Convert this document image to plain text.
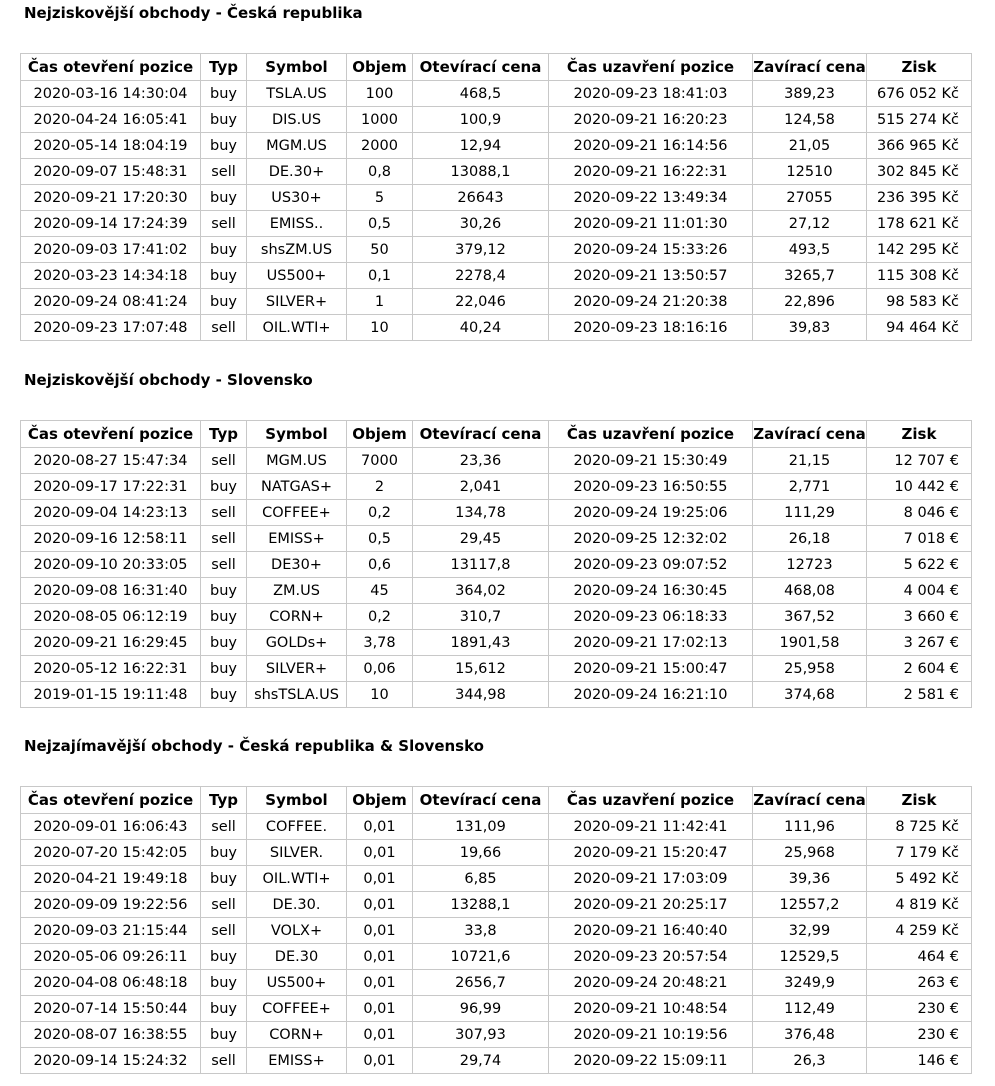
Nejziskovější obchody - Česká republika
Čas otevření pozice	Typ	Symbol	Objem	Otevírací cena	Čas uzavření pozice	Zavírací cena	Zisk
2020-03-16 14:30:04	buy	TSLA.US	100	468,5	2020-09-23 18:41:03	389,23	676 052 Kč
2020-04-24 16:05:41	buy	DIS.US	1000	100,9	2020-09-21 16:20:23	124,58	515 274 Kč
2020-05-14 18:04:19	buy	MGM.US	2000	12,94	2020-09-21 16:14:56	21,05	366 965 Kč
2020-09-07 15:48:31	sell	DE.30+	0,8	13088,1	2020-09-21 16:22:31	12510	302 845 Kč
2020-09-21 17:20:30	buy	US30+	5	26643	2020-09-22 13:49:34	27055	236 395 Kč
2020-09-14 17:24:39	sell	EMISS..	0,5	30,26	2020-09-21 11:01:30	27,12	178 621 Kč
2020-09-03 17:41:02	buy	shsZM.US	50	379,12	2020-09-24 15:33:26	493,5	142 295 Kč
2020-03-23 14:34:18	buy	US500+	0,1	2278,4	2020-09-21 13:50:57	3265,7	115 308 Kč
2020-09-24 08:41:24	buy	SILVER+	1	22,046	2020-09-24 21:20:38	22,896	98 583 Kč
2020-09-23 17:07:48	sell	OIL.WTI+	10	40,24	2020-09-23 18:16:16	39,83	94 464 Kč
Nejziskovější obchody - Slovensko
Čas otevření pozice	Typ	Symbol	Objem	Otevírací cena	Čas uzavření pozice	Zavírací cena	Zisk
2020-08-27 15:47:34	sell	MGM.US	7000	23,36	2020-09-21 15:30:49	21,15	12 707 €
2020-09-17 17:22:31	buy	NATGAS+	2	2,041	2020-09-23 16:50:55	2,771	10 442 €
2020-09-04 14:23:13	sell	COFFEE+	0,2	134,78	2020-09-24 19:25:06	111,29	8 046 €
2020-09-16 12:58:11	sell	EMISS+	0,5	29,45	2020-09-25 12:32:02	26,18	7 018 €
2020-09-10 20:33:05	sell	DE30+	0,6	13117,8	2020-09-23 09:07:52	12723	5 622 €
2020-09-08 16:31:40	buy	ZM.US	45	364,02	2020-09-24 16:30:45	468,08	4 004 €
2020-08-05 06:12:19	buy	CORN+	0,2	310,7	2020-09-23 06:18:33	367,52	3 660 €
2020-09-21 16:29:45	buy	GOLDs+	3,78	1891,43	2020-09-21 17:02:13	1901,58	3 267 €
2020-05-12 16:22:31	buy	SILVER+	0,06	15,612	2020-09-21 15:00:47	25,958	2 604 €
2019-01-15 19:11:48	buy	shsTSLA.US	10	344,98	2020-09-24 16:21:10	374,68	2 581 €
Nejzajímavější obchody - Česká republika & Slovensko
Čas otevření pozice	Typ	Symbol	Objem	Otevírací cena	Čas uzavření pozice	Zavírací cena	Zisk
2020-09-01 16:06:43	sell	COFFEE.	0,01	131,09	2020-09-21 11:42:41	111,96	8 725 Kč
2020-07-20 15:42:05	buy	SILVER.	0,01	19,66	2020-09-21 15:20:47	25,968	7 179 Kč
2020-04-21 19:49:18	buy	OIL.WTI+	0,01	6,85	2020-09-21 17:03:09	39,36	5 492 Kč
2020-09-09 19:22:56	sell	DE.30.	0,01	13288,1	2020-09-21 20:25:17	12557,2	4 819 Kč
2020-09-03 21:15:44	sell	VOLX+	0,01	33,8	2020-09-21 16:40:40	32,99	4 259 Kč
2020-05-06 09:26:11	buy	DE.30	0,01	10721,6	2020-09-23 20:57:54	12529,5	464 €
2020-04-08 06:48:18	buy	US500+	0,01	2656,7	2020-09-24 20:48:21	3249,9	263 €
2020-07-14 15:50:44	buy	COFFEE+	0,01	96,99	2020-09-21 10:48:54	112,49	230 €
2020-08-07 16:38:55	buy	CORN+	0,01	307,93	2020-09-21 10:19:56	376,48	230 €
2020-09-14 15:24:32	sell	EMISS+	0,01	29,74	2020-09-22 15:09:11	26,3	146 €
